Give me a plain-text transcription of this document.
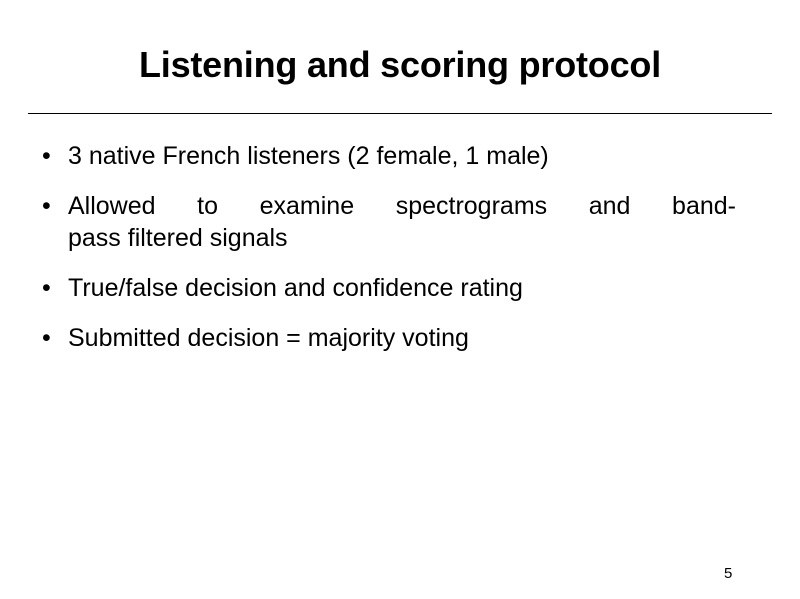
Listening and scoring protocol
• 3 native French listeners (2 female, 1 male)
• Allowed to examine spectrograms and band-
pass filtered signals
• True/false decision and confidence rating
• Submitted decision = majority voting
5
